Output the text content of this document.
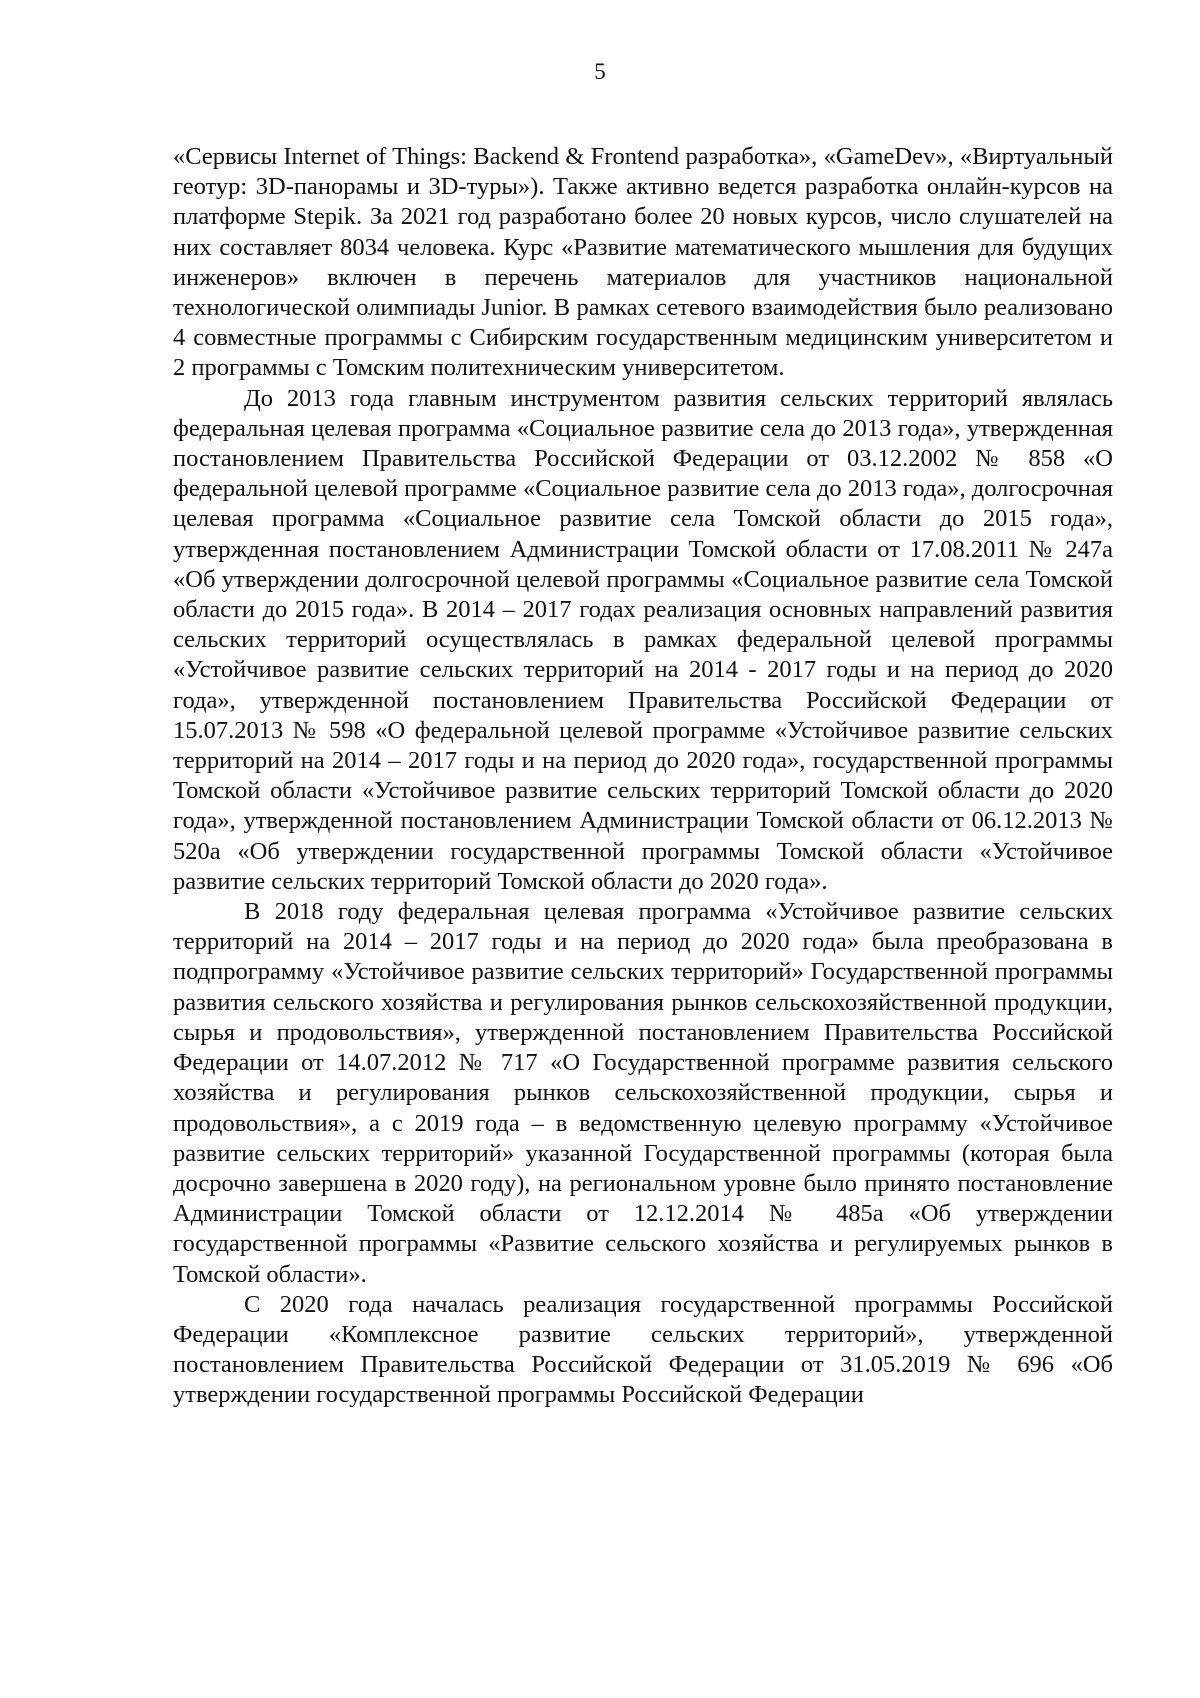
5

«Сервисы Internet of Things: Backend & Frontend разработка», «GameDev», «Виртуальный геотур: 3D-панорамы и 3D-туры»). Также активно ведется разработка онлайн-курсов на платформе Stepik. За 2021 год разработано более 20 новых курсов, число слушателей на них составляет 8034 человека. Курс «Развитие математического мышления для будущих инженеров» включен в перечень материалов для участников национальной технологической олимпиады Junior. В рамках сетевого взаимодействия было реализовано 4 совместные программы с Сибирским государственным медицинским университетом и 2 программы с Томским политехническим университетом.

До 2013 года главным инструментом развития сельских территорий являлась федеральная целевая программа «Социальное развитие села до 2013 года», утвержденная постановлением Правительства Российской Федерации от 03.12.2002 № 858 «О федеральной целевой программе «Социальное развитие села до 2013 года», долгосрочная целевая программа «Социальное развитие села Томской области до 2015 года», утвержденная постановлением Администрации Томской области от 17.08.2011 № 247а «Об утверждении долгосрочной целевой программы «Социальное развитие села Томской области до 2015 года». В 2014 – 2017 годах реализация основных направлений развития сельских территорий осуществлялась в рамках федеральной целевой программы «Устойчивое развитие сельских территорий на 2014 - 2017 годы и на период до 2020 года», утвержденной постановлением Правительства Российской Федерации от 15.07.2013 № 598 «О федеральной целевой программе «Устойчивое развитие сельских территорий на 2014 – 2017 годы и на период до 2020 года», государственной программы Томской области «Устойчивое развитие сельских территорий Томской области до 2020 года», утвержденной постановлением Администрации Томской области от 06.12.2013 № 520а «Об утверждении государственной программы Томской области «Устойчивое развитие сельских территорий Томской области до 2020 года».

В 2018 году федеральная целевая программа «Устойчивое развитие сельских территорий на 2014 – 2017 годы и на период до 2020 года» была преобразована в подпрограмму «Устойчивое развитие сельских территорий» Государственной программы развития сельского хозяйства и регулирования рынков сельскохозяйственной продукции, сырья и продовольствия», утвержденной постановлением Правительства Российской Федерации от 14.07.2012 № 717 «О Государственной программе развития сельского хозяйства и регулирования рынков сельскохозяйственной продукции, сырья и продовольствия», а с 2019 года – в ведомственную целевую программу «Устойчивое развитие сельских территорий» указанной Государственной программы (которая была досрочно завершена в 2020 году), на региональном уровне было принято постановление Администрации Томской области от 12.12.2014 № 485а «Об утверждении государственной программы «Развитие сельского хозяйства и регулируемых рынков в Томской области».

С 2020 года началась реализация государственной программы Российской Федерации «Комплексное развитие сельских территорий», утвержденной постановлением Правительства Российской Федерации от 31.05.2019 № 696 «Об утверждении государственной программы Российской Федерации
